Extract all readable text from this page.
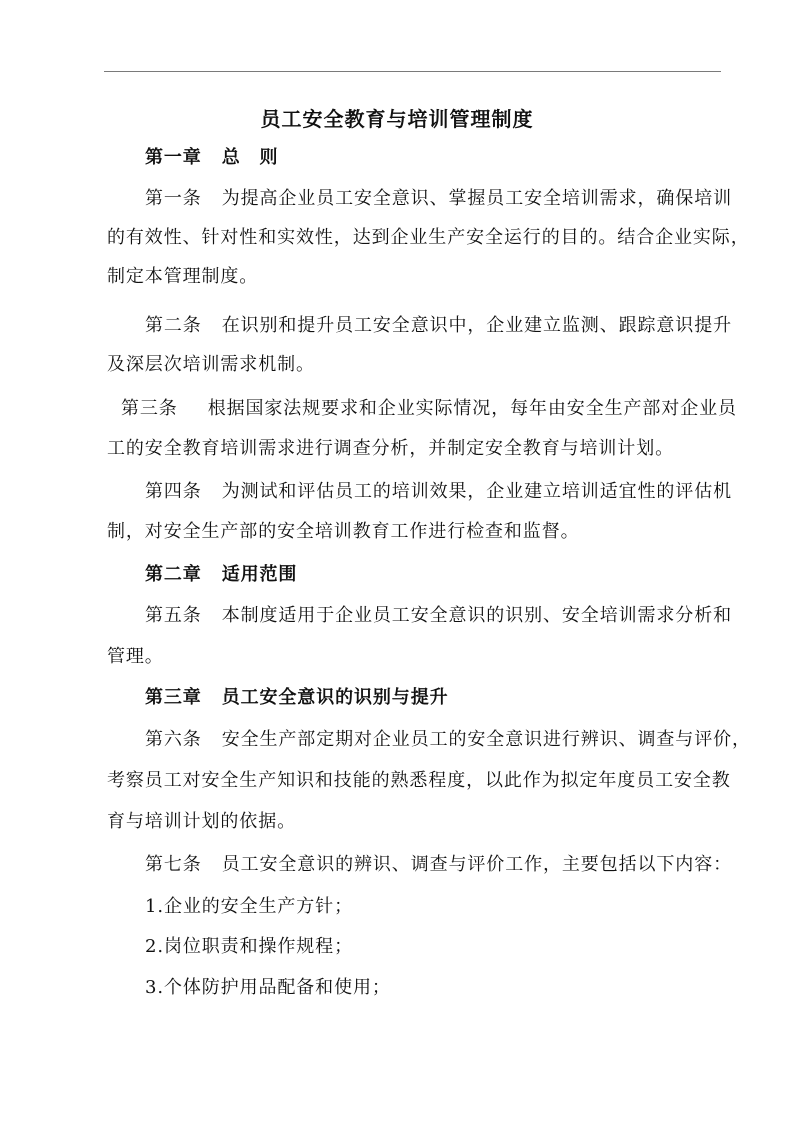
员工安全教育与培训管理制度
第一章 总　则
第一条 为提高企业员工安全意识、掌握员工安全培训需求，确保培训
的有效性、针对性和实效性，达到企业生产安全运行的目的。结合企业实际，
制定本管理制度。
第二条 在识别和提升员工安全意识中，企业建立监测、跟踪意识提升
及深层次培训需求机制。
第三条 根据国家法规要求和企业实际情况，每年由安全生产部对企业员
工的安全教育培训需求进行调查分析，并制定安全教育与培训计划。
第四条 为测试和评估员工的培训效果，企业建立培训适宜性的评估机
制，对安全生产部的安全培训教育工作进行检查和监督。
第二章 适用范围
第五条 本制度适用于企业员工安全意识的识别、安全培训需求分析和
管理。
第三章 员工安全意识的识别与提升
第六条 安全生产部定期对企业员工的安全意识进行辨识、调查与评价，
考察员工对安全生产知识和技能的熟悉程度，以此作为拟定年度员工安全教
育与培训计划的依据。
第七条 员工安全意识的辨识、调查与评价工作，主要包括以下内容：
1.企业的安全生产方针；
2.岗位职责和操作规程；
3.个体防护用品配备和使用；
